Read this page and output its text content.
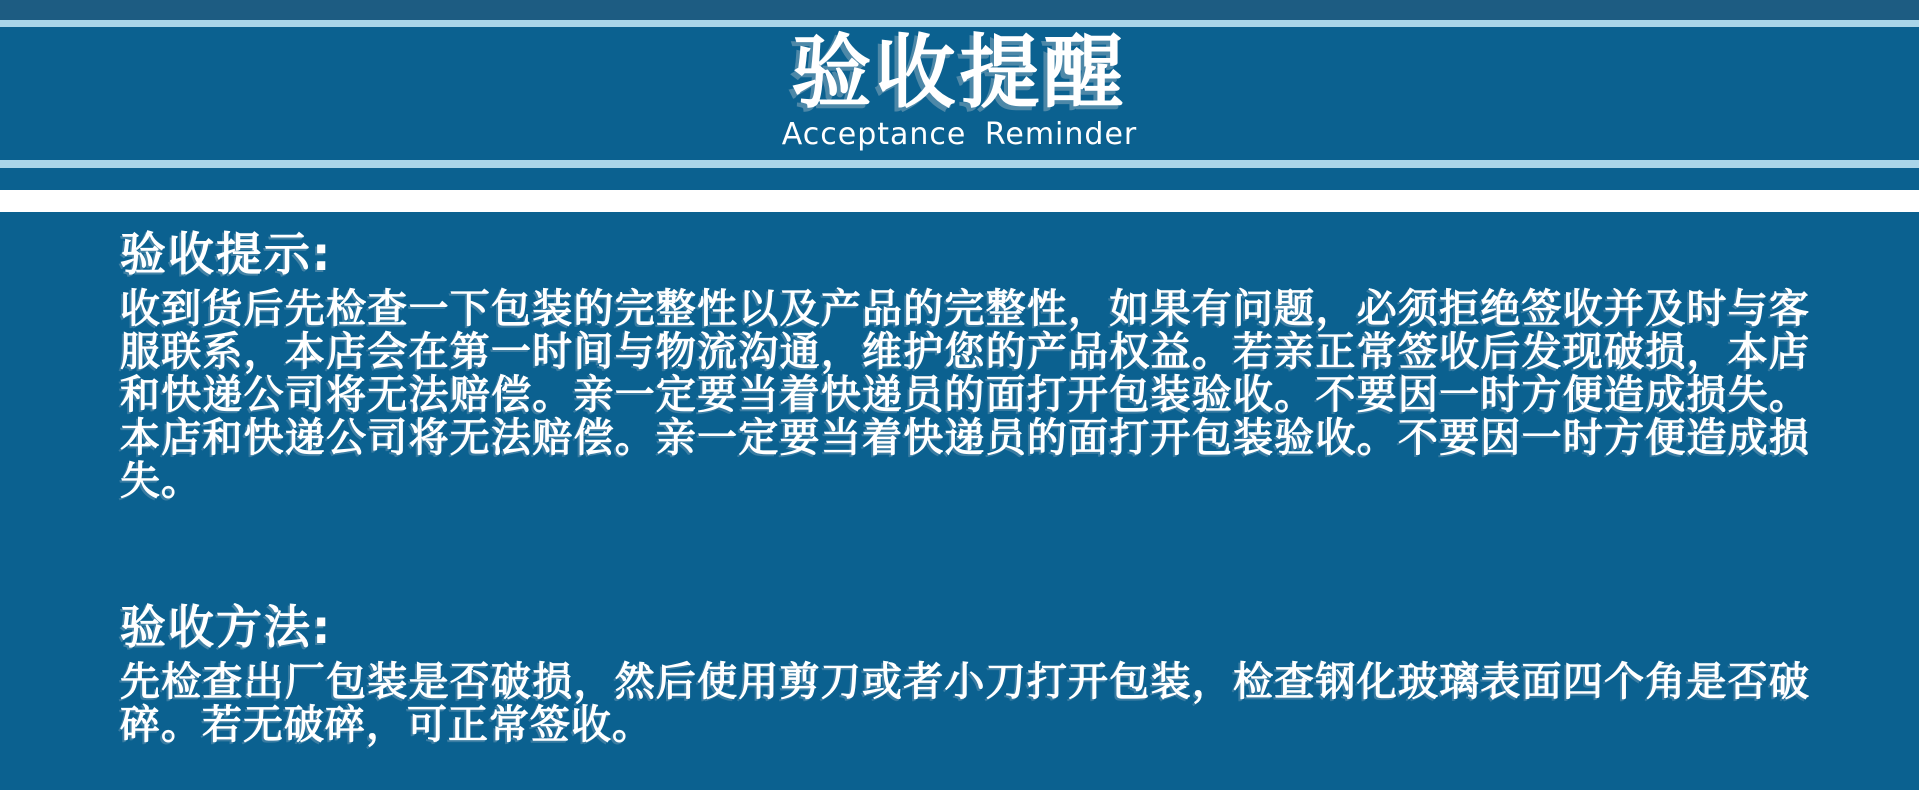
验收提醒
Acceptance Reminder
验收提示:

收到货后先检查一下包装的完整性以及产品的完整性，如果有问题，必须拒绝签收并及时与客服联系，本店会在第一时间与物流沟通，维护您的产品权益。若亲正常签收后发现破损，本店和快递公司将无法赔偿。亲一定要当着快递员的面打开包装验收。不要因一时方便造成损失。本店和快递公司将无法赔偿。亲一定要当着快递员的面打开包装验收。不要因一时方便造成损失。

验收方法:

先检查出厂包装是否破损，然后使用剪刀或者小刀打开包装，检查钢化玻璃表面四个角是否破碎。若无破碎，可正常签收。
